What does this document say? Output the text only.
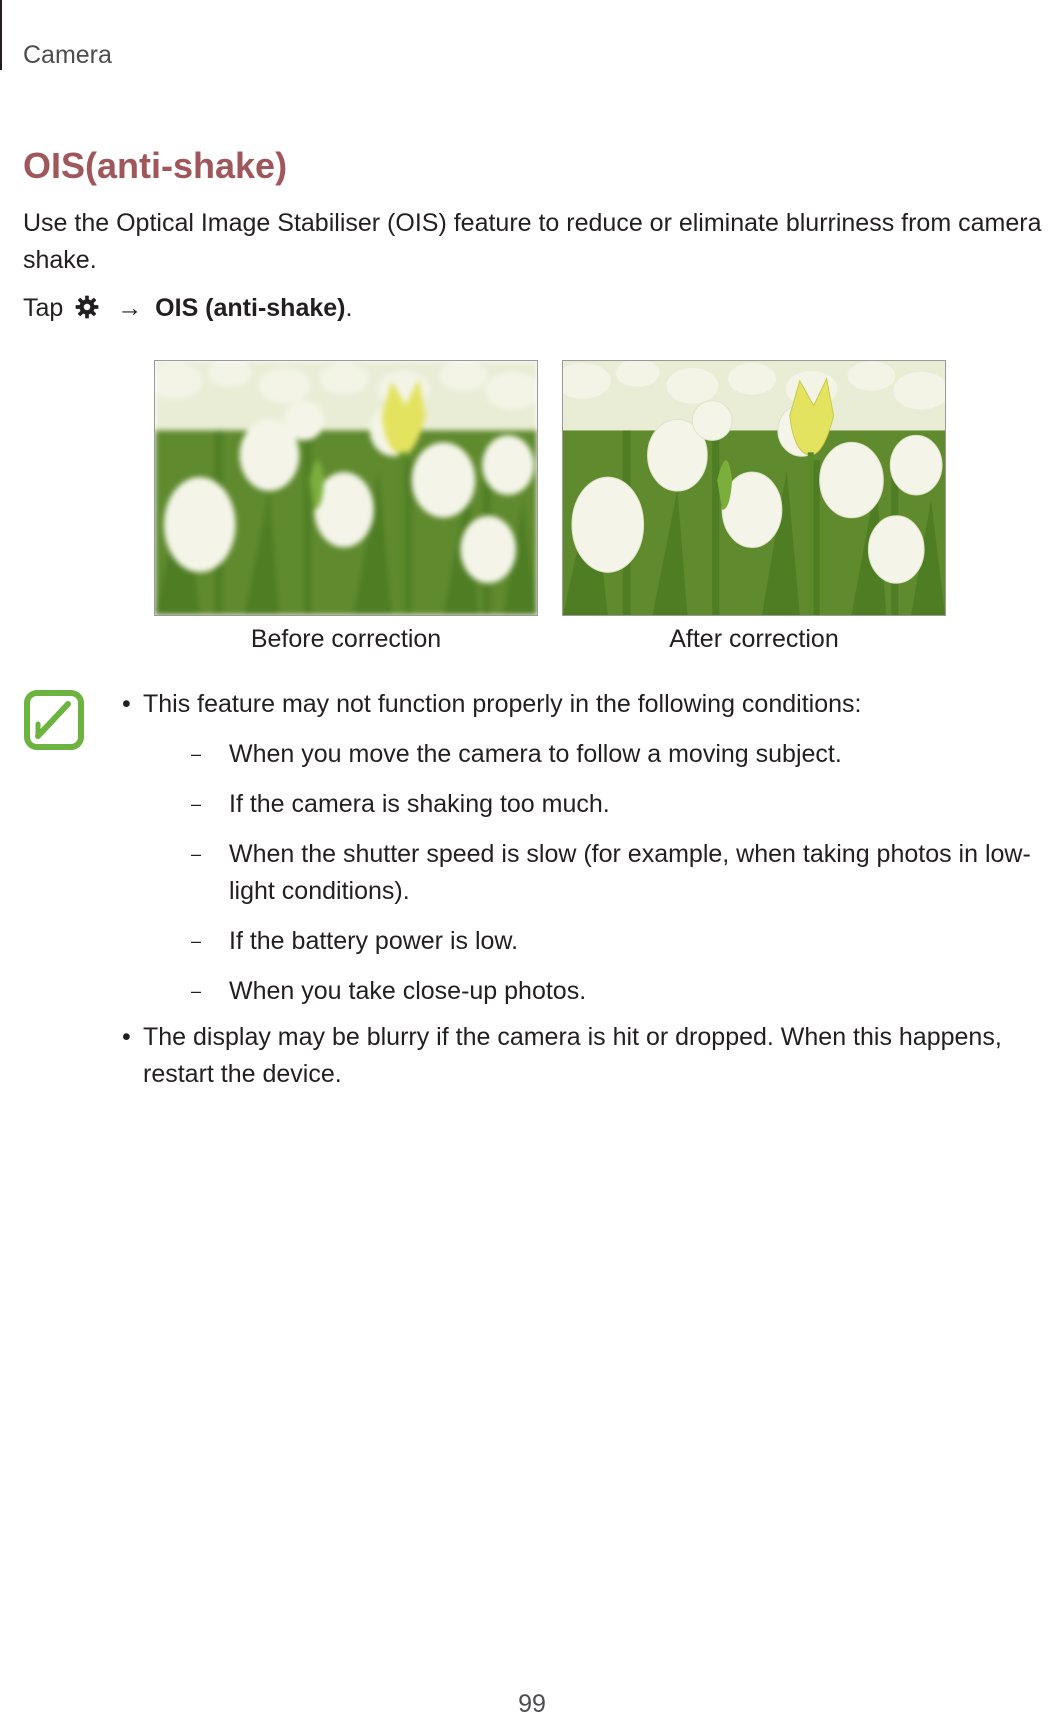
Camera
OIS(anti-shake)
Use the Optical Image Stabiliser (OIS) feature to reduce or eliminate blurriness from camera shake.
Tap → OIS (anti-shake).
Before correction	After correction
• This feature may not function properly in the following conditions:
– When you move the camera to follow a moving subject.
– If the camera is shaking too much.
– When the shutter speed is slow (for example, when taking photos in low-light conditions).
– If the battery power is low.
– When you take close-up photos.
• The display may be blurry if the camera is hit or dropped. When this happens, restart the device.
99
